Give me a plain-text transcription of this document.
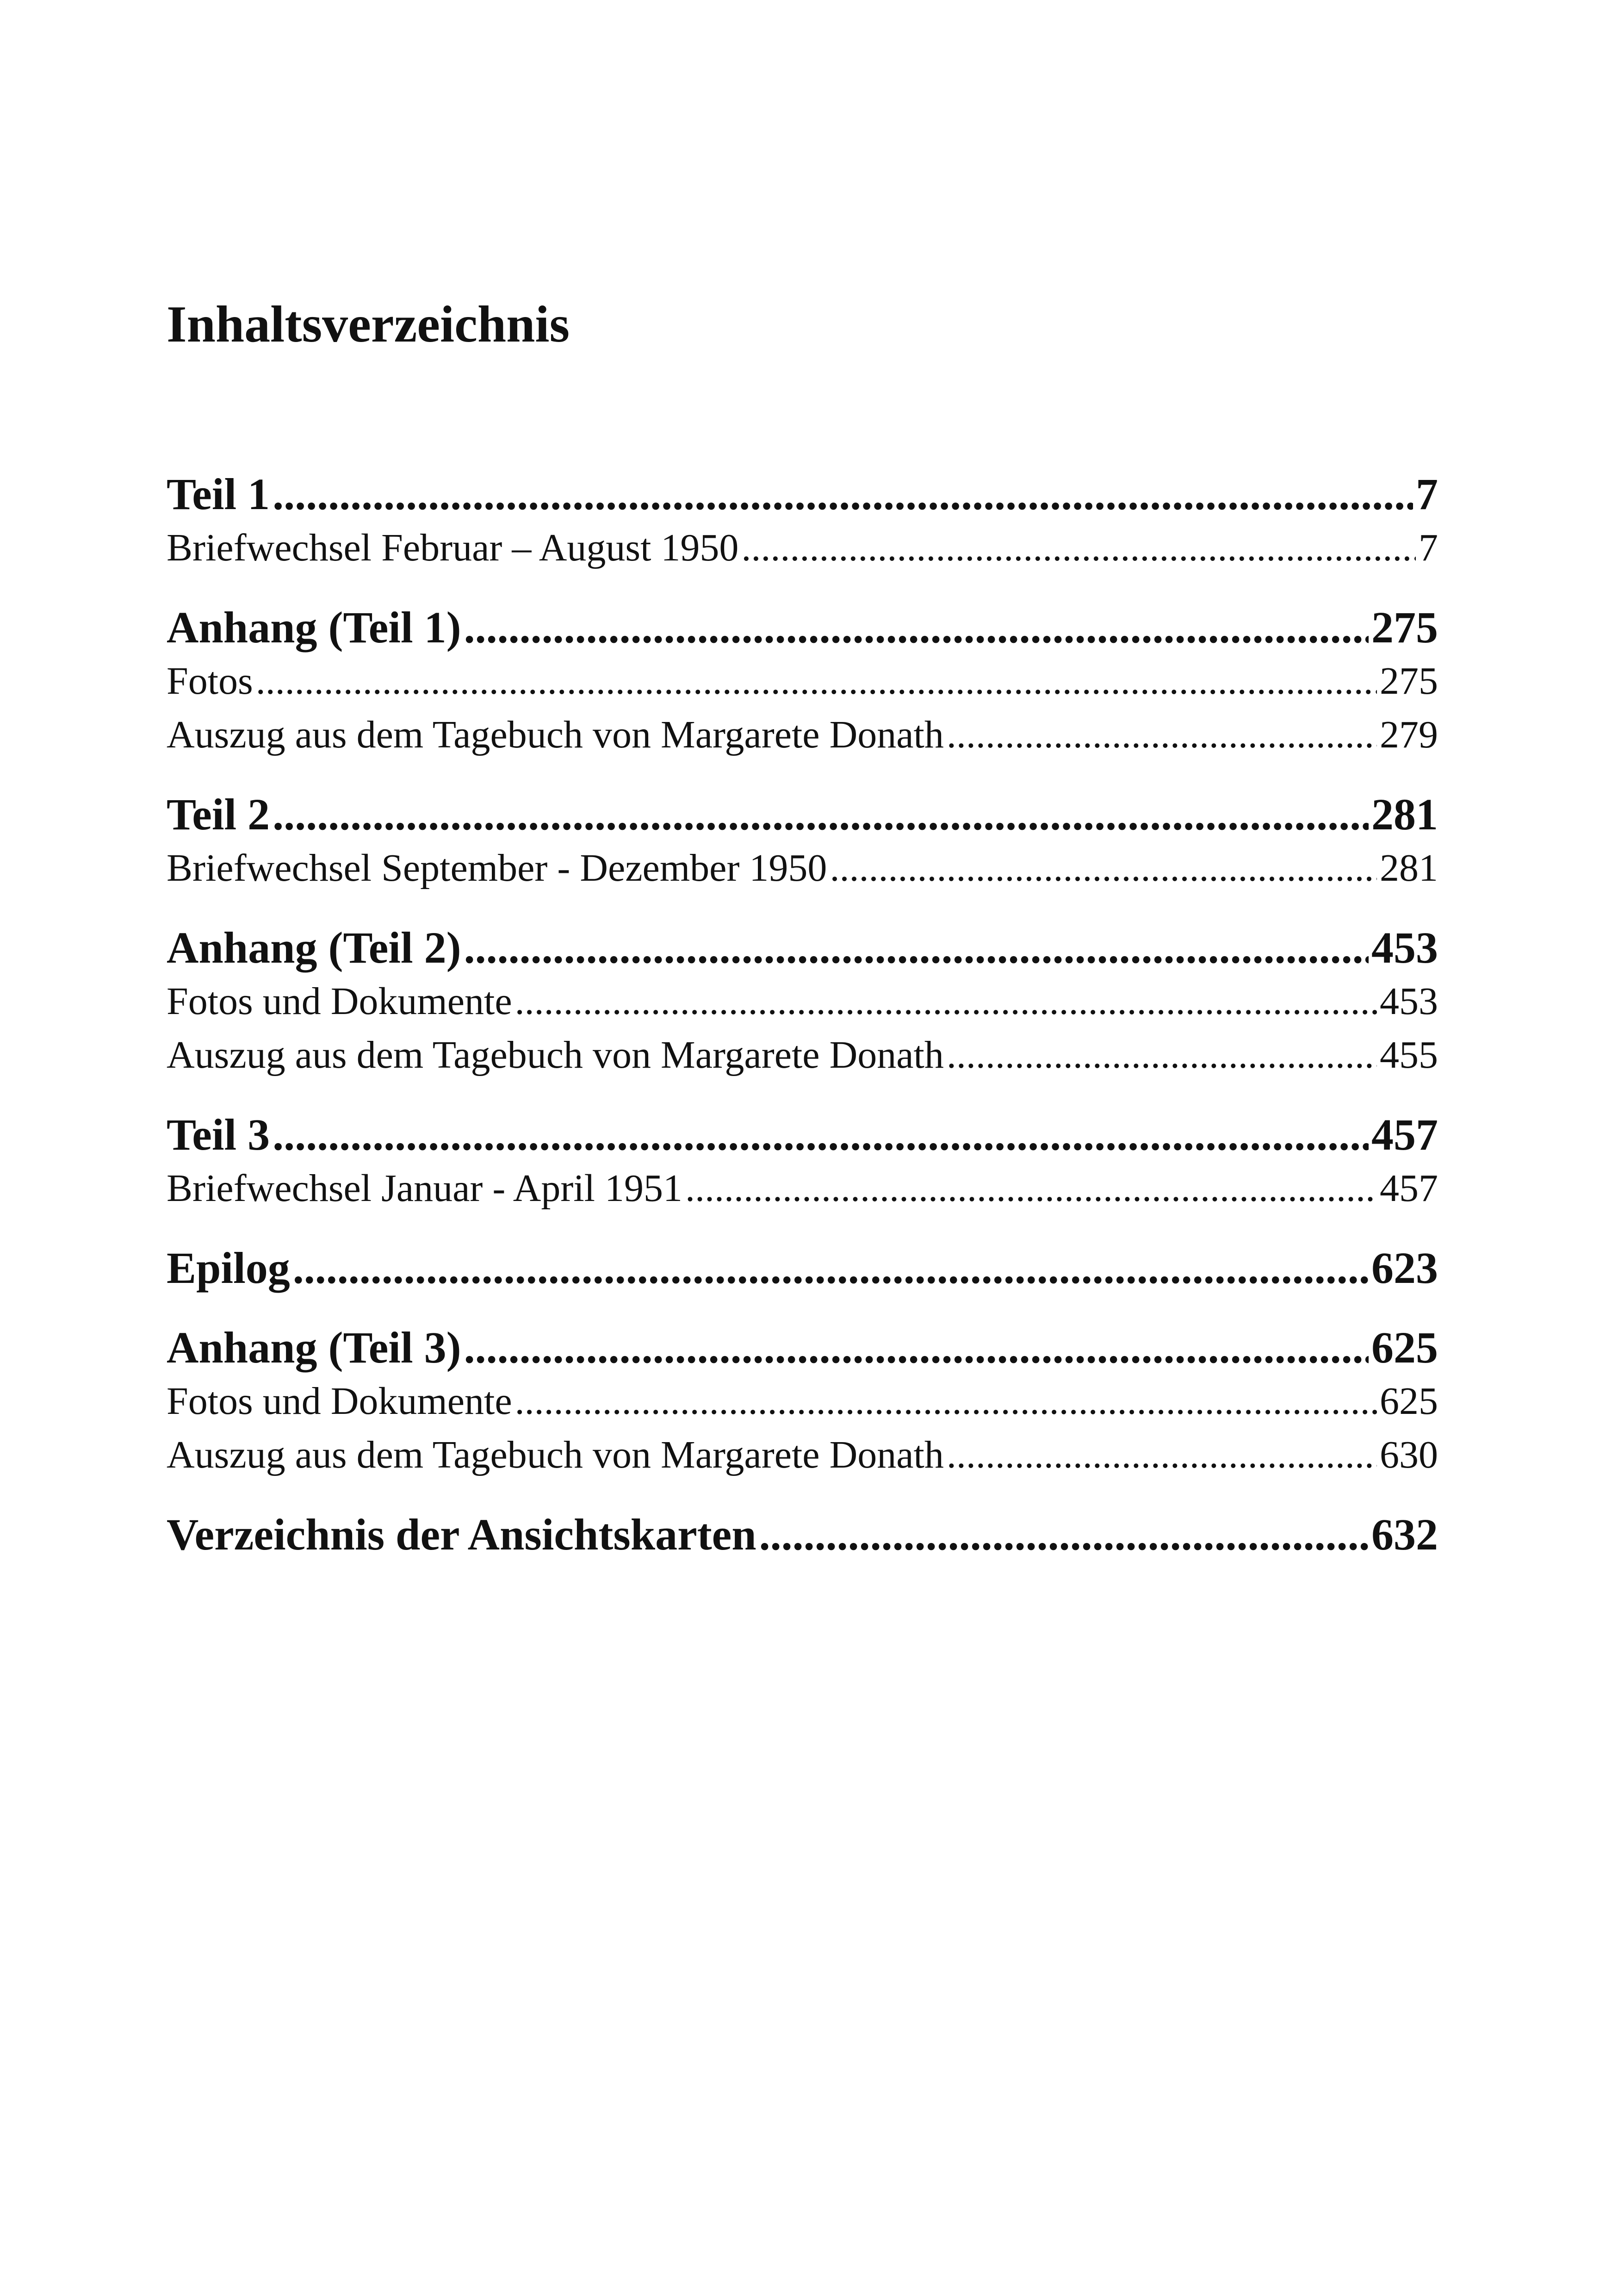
Inhaltsverzeichnis
Teil 1 .....	7
Briefwechsel Februar – August 1950 .....	7
Anhang (Teil 1) .....	275
Fotos .....	275
Auszug aus dem Tagebuch von Margarete Donath .....	279
Teil 2 .....	281
Briefwechsel September - Dezember 1950 .....	281
Anhang (Teil 2) .....	453
Fotos und Dokumente .....	453
Auszug aus dem Tagebuch von Margarete Donath .....	455
Teil 3 .....	457
Briefwechsel Januar - April 1951 .....	457
Epilog .....	623
Anhang (Teil 3) .....	625
Fotos und Dokumente .....	625
Auszug aus dem Tagebuch von Margarete Donath .....	630
Verzeichnis der Ansichtskarten .....	632
